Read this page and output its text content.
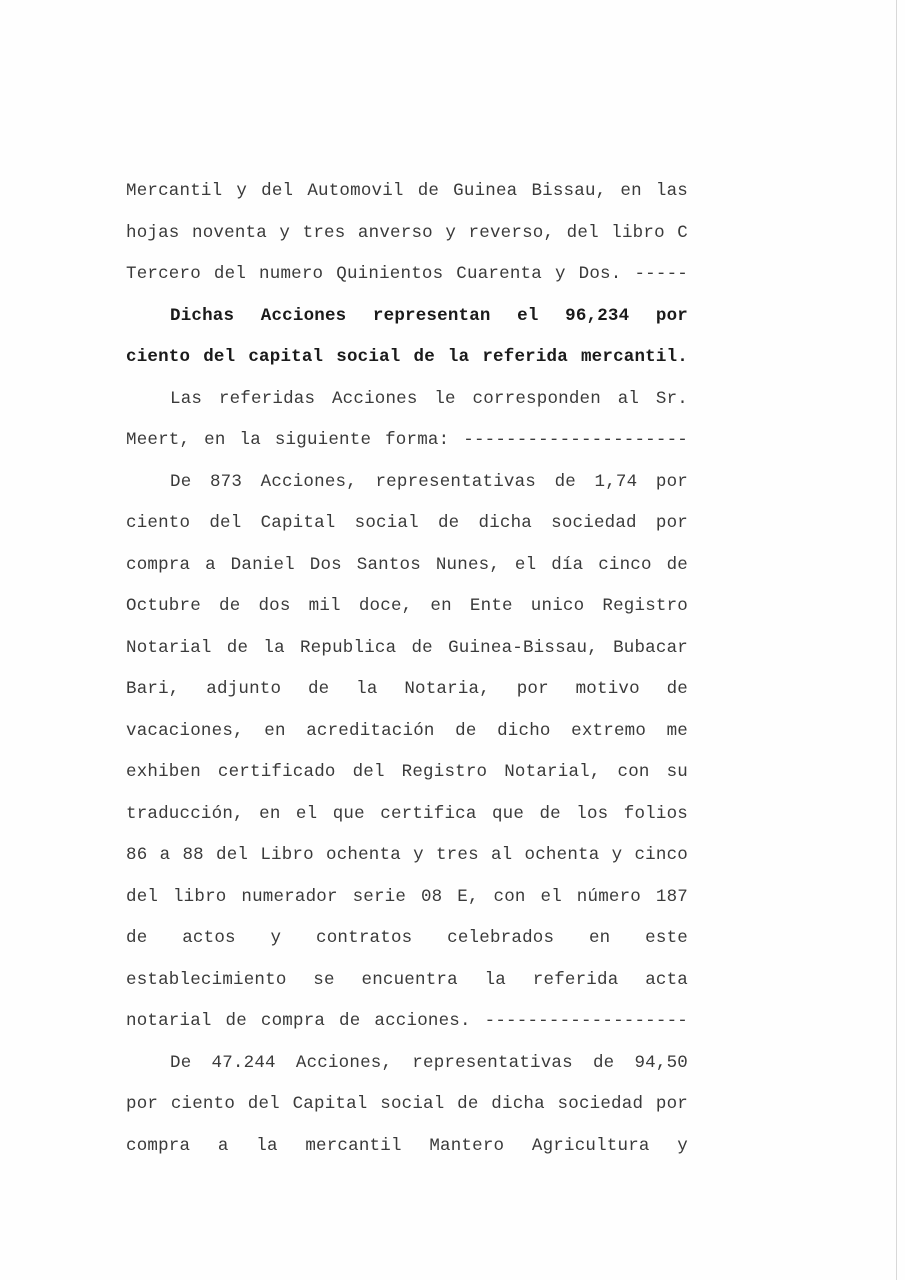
Mercantil y del Automovil de Guinea Bissau, en las
hojas noventa y tres anverso y reverso, del libro C
Tercero del numero Quinientos Cuarenta y Dos. -----
Dichas Acciones representan el 96,234 por
ciento del capital social de la referida mercantil.
Las referidas Acciones le corresponden al Sr.
Meert, en la siguiente forma: ---------------------
De 873 Acciones, representativas de 1,74 por
ciento del Capital social de dicha sociedad por
compra a Daniel Dos Santos Nunes, el día cinco de
Octubre de dos mil doce, en Ente unico Registro
Notarial de la Republica de Guinea-Bissau, Bubacar
Bari, adjunto de la Notaria, por motivo de
vacaciones, en acreditación de dicho extremo me
exhiben certificado del Registro Notarial, con su
traducción, en el que certifica que de los folios
86 a 88 del Libro ochenta y tres al ochenta y cinco
del libro numerador serie 08 E, con el número 187
de actos y contratos celebrados en este
establecimiento se encuentra la referida acta
notarial de compra de acciones. -------------------
De 47.244 Acciones, representativas de 94,50
por ciento del Capital social de dicha sociedad por
compra a la mercantil Mantero Agricultura y
